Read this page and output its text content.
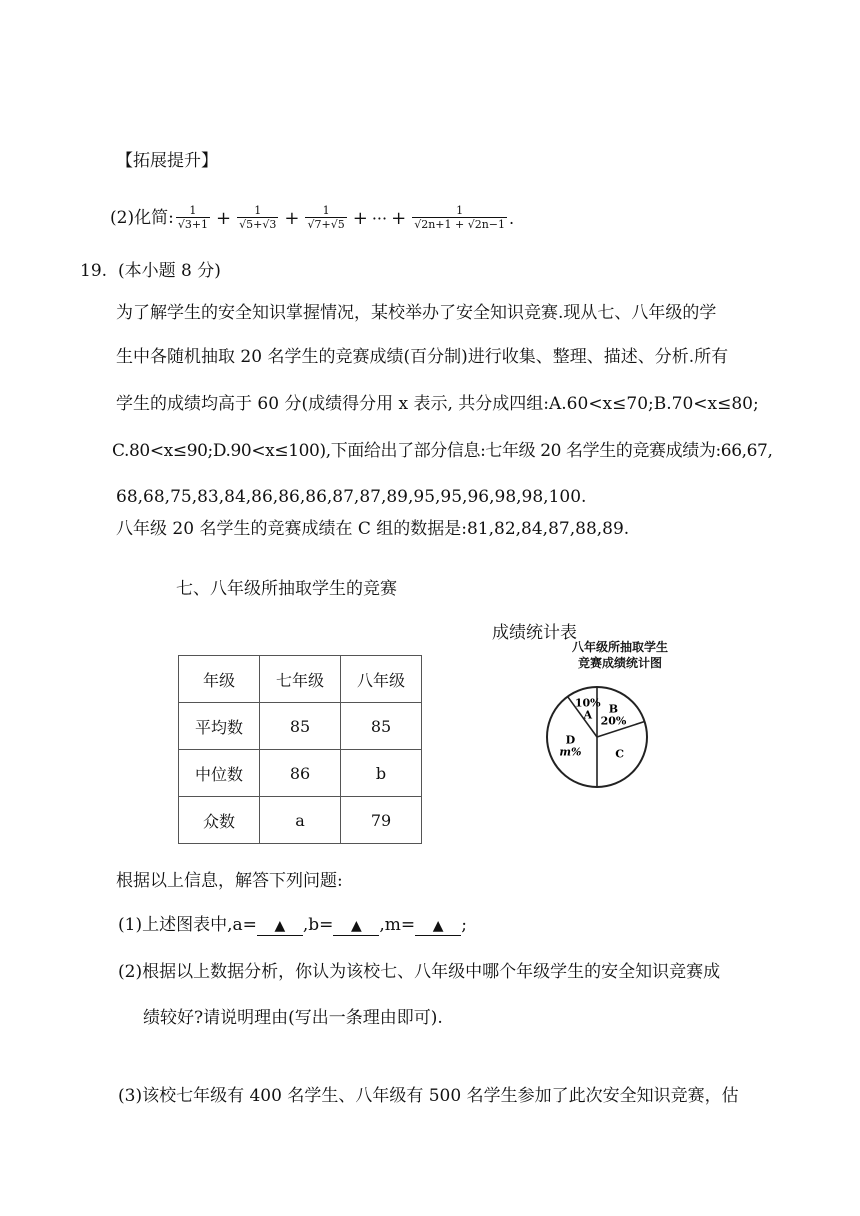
【拓展提升】
(2)化简: $\frac{1}{√3+1} + \frac{1}{√5+√3} + \frac{1}{√7+√5}$ + ··· + $\frac{1}{√2n+1 + √2n-1}$ .
19. (本小题 8 分)
为了解学生的安全知识掌握情况，某校举办了安全知识竞赛.现从七、八年级的学
生中各随机抽取 20 名学生的竞赛成绩(百分制)进行收集、整理、描述、分析.所有
学生的成绩均高于 60 分(成绩得分用 x 表示, 共分成四组:A.60<x≤70;B.70<x≤80;
C.80<x≤90;D.90<x≤100),下面给出了部分信息:七年级 20 名学生的竞赛成绩为:66,67,
68,68,75,83,84,86,86,86,87,87,89,95,95,96,98,98,100.
八年级 20 名学生的竞赛成绩在 C 组的数据是:81,82,84,87,88,89.
七、八年级所抽取学生的竞赛
成绩统计表
年级	七年级	八年级
平均数	85	85
中位数	86	b
众数	a	79
八年级所抽取学生
竞赛成绩统计图
10%
A B
20%
C
D
m%
根据以上信息，解答下列问题:
(1)上述图表中,a=	▲	,b=	▲	,m=	▲	;
(2)根据以上数据分析，你认为该校七、八年级中哪个年级学生的安全知识竞赛成
绩较好?请说明理由(写出一条理由即可).
(3)该校七年级有 400 名学生、八年级有 500 名学生参加了此次安全知识竞赛，估
